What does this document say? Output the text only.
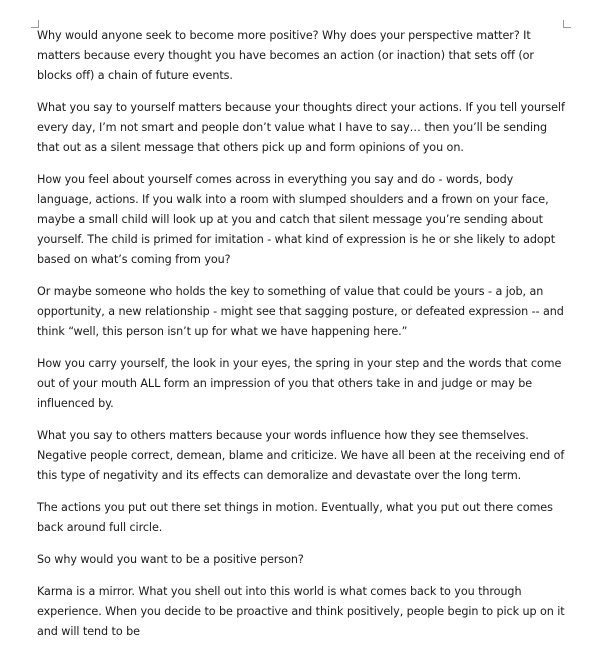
Why would anyone seek to become more positive? Why does your perspective matter? It matters because every thought you have becomes an action (or inaction) that sets off (or blocks off) a chain of future events.

What you say to yourself matters because your thoughts direct your actions. If you tell yourself every day, I’m not smart and people don’t value what I have to say… then you’ll be sending that out as a silent message that others pick up and form opinions of you on.

How you feel about yourself comes across in everything you say and do - words, body language, actions. If you walk into a room with slumped shoulders and a frown on your face, maybe a small child will look up at you and catch that silent message you’re sending about yourself. The child is primed for imitation - what kind of expression is he or she likely to adopt based on what’s coming from you?

Or maybe someone who holds the key to something of value that could be yours - a job, an opportunity, a new relationship - might see that sagging posture, or defeated expression -- and think “well, this person isn’t up for what we have happening here.”

How you carry yourself, the look in your eyes, the spring in your step and the words that come out of your mouth ALL form an impression of you that others take in and judge or may be influenced by.

What you say to others matters because your words influence how they see themselves. Negative people correct, demean, blame and criticize. We have all been at the receiving end of this type of negativity and its effects can demoralize and devastate over the long term.

The actions you put out there set things in motion. Eventually, what you put out there comes back around full circle.

So why would you want to be a positive person?

Karma is a mirror. What you shell out into this world is what comes back to you through experience. When you decide to be proactive and think positively, people begin to pick up on it and will tend to be
